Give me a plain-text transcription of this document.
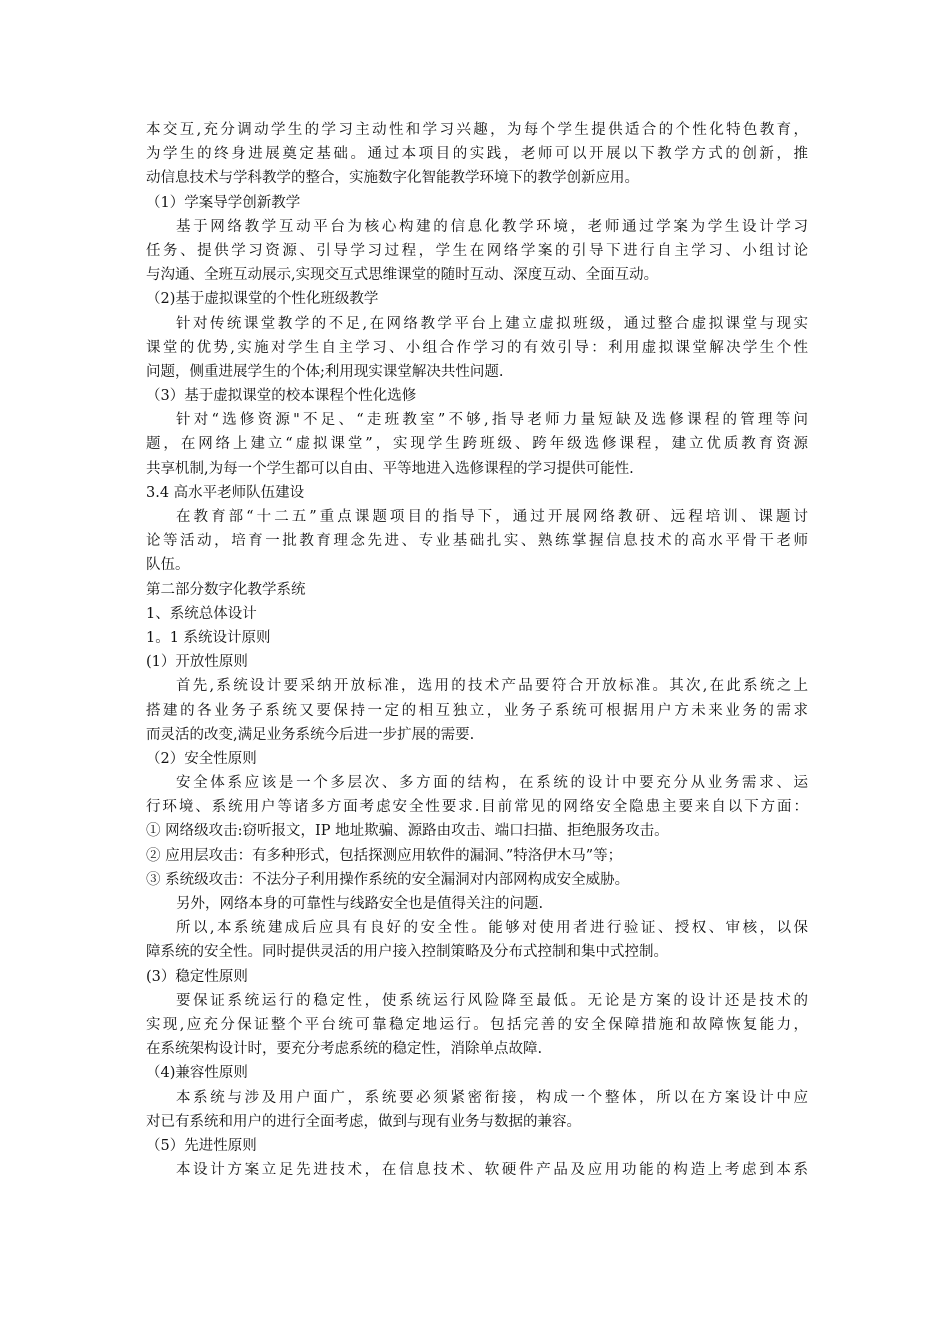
本交互,充分调动学生的学习主动性和学习兴趣，为每个学生提供适合的个性化特色教育，
为学生的终身进展奠定基础。通过本项目的实践，老师可以开展以下教学方式的创新，推
动信息技术与学科教学的整合，实施数字化智能教学环境下的教学创新应用。
（1）学案导学创新教学
基于网络教学互动平台为核心构建的信息化教学环境，老师通过学案为学生设计学习
任务、提供学习资源、引导学习过程，学生在网络学案的引导下进行自主学习、小组讨论
与沟通、全班互动展示,实现交互式思维课堂的随时互动、深度互动、全面互动。
（2)基于虚拟课堂的个性化班级教学
针对传统课堂教学的不足,在网络教学平台上建立虚拟班级，通过整合虚拟课堂与现实
课堂的优势,实施对学生自主学习、小组合作学习的有效引导：利用虚拟课堂解决学生个性
问题，侧重进展学生的个体;利用现实课堂解决共性问题.
（3）基于虚拟课堂的校本课程个性化选修
针对“选修资源"不足、“走班教室”不够,指导老师力量短缺及选修课程的管理等问
题，在网络上建立“虚拟课堂”，实现学生跨班级、跨年级选修课程，建立优质教育资源
共享机制,为每一个学生都可以自由、平等地进入选修课程的学习提供可能性.
3.4 高水平老师队伍建设
在教育部“十二五”重点课题项目的指导下，通过开展网络教研、远程培训、课题讨
论等活动，培育一批教育理念先进、专业基础扎实、熟练掌握信息技术的高水平骨干老师
队伍。
第二部分数字化教学系统
1、系统总体设计
1。1 系统设计原则
(1）开放性原则
首先,系统设计要采纳开放标准，选用的技术产品要符合开放标准。其次,在此系统之上
搭建的各业务子系统又要保持一定的相互独立，业务子系统可根据用户方未来业务的需求
而灵活的改变,满足业务系统今后进一步扩展的需要.
（2）安全性原则
安全体系应该是一个多层次、多方面的结构，在系统的设计中要充分从业务需求、运
行环境、系统用户等诸多方面考虑安全性要求.目前常见的网络安全隐患主要来自以下方面：
① 网络级攻击:窃听报文，IP 地址欺骗、源路由攻击、端口扫描、拒绝服务攻击。
② 应用层攻击：有多种形式，包括探测应用软件的漏洞、”特洛伊木马”等；
③ 系统级攻击：不法分子利用操作系统的安全漏洞对内部网构成安全威胁。
另外，网络本身的可靠性与线路安全也是值得关注的问题.
所以,本系统建成后应具有良好的安全性。能够对使用者进行验证、授权、审核，以保
障系统的安全性。同时提供灵活的用户接入控制策略及分布式控制和集中式控制。
(3）稳定性原则
要保证系统运行的稳定性，使系统运行风险降至最低。无论是方案的设计还是技术的
实现,应充分保证整个平台统可靠稳定地运行。包括完善的安全保障措施和故障恢复能力，
在系统架构设计时，要充分考虑系统的稳定性，消除单点故障.
（4)兼容性原则
本系统与涉及用户面广，系统要必须紧密衔接，构成一个整体，所以在方案设计中应
对已有系统和用户的进行全面考虑，做到与现有业务与数据的兼容。
（5）先进性原则
本设计方案立足先进技术，在信息技术、软硬件产品及应用功能的构造上考虑到本系
